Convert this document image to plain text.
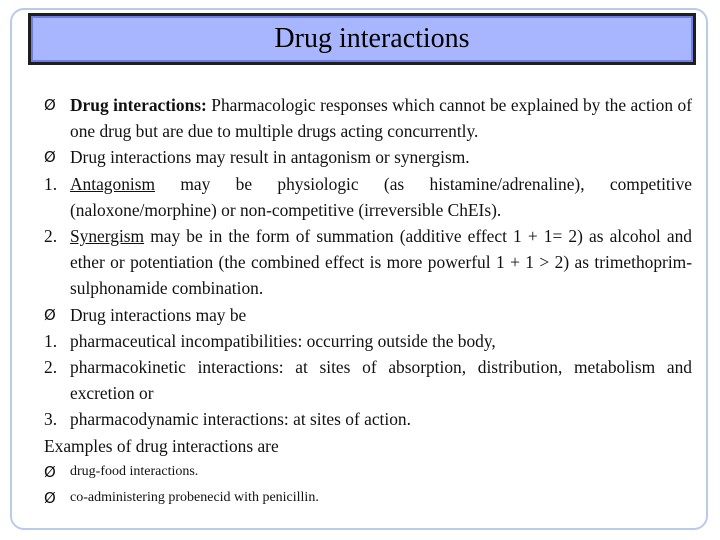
Drug interactions
Ø Drug interactions: Pharmacologic responses which cannot be explained by the action of one drug but are due to multiple drugs acting concurrently.
Ø Drug interactions may result in antagonism or synergism.
1. Antagonism may be physiologic (as histamine/adrenaline), competitive (naloxone/morphine) or non-competitive (irreversible ChEIs).
2. Synergism may be in the form of summation (additive effect 1 + 1= 2) as alcohol and ether or potentiation (the combined effect is more powerful 1 + 1 > 2) as trimethoprim-sulphonamide combination.
Ø Drug interactions may be
1. pharmaceutical incompatibilities: occurring outside the body,
2. pharmacokinetic interactions: at sites of absorption, distribution, metabolism and excretion or
3. pharmacodynamic interactions: at sites of action.
Examples of drug interactions are
Ø	drug-food interactions.
Ø	co-administering probenecid with penicillin.
